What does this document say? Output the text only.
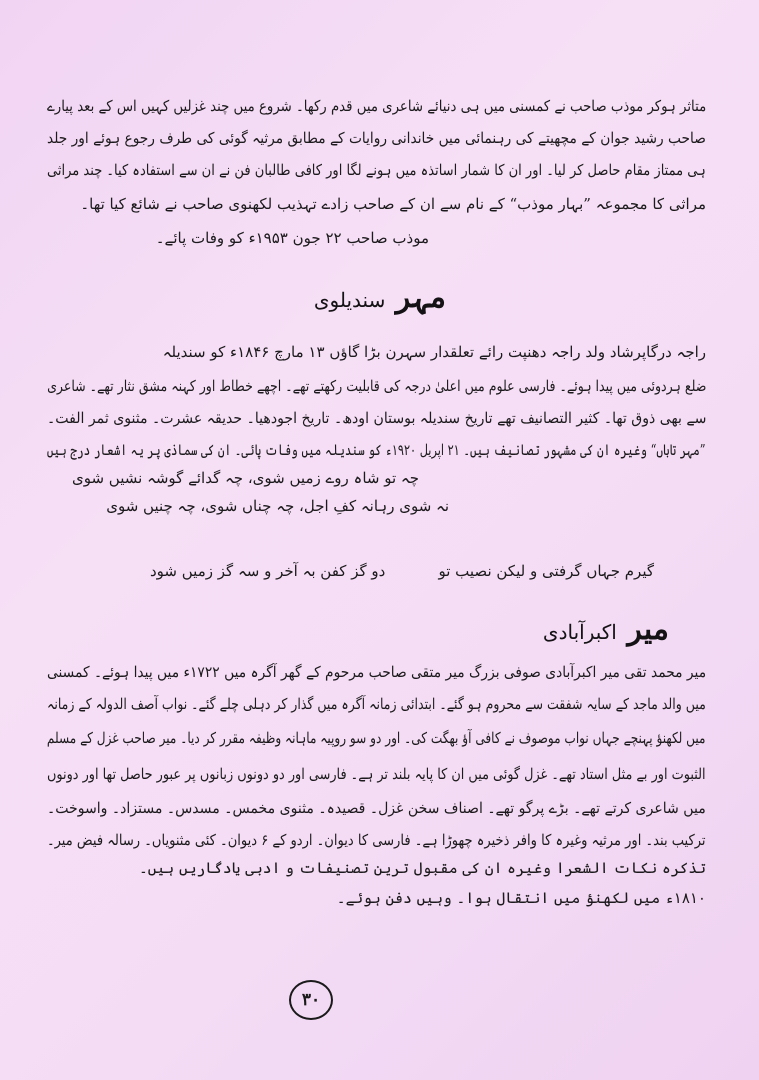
متاثر ہوکر موذب صاحب نے کمسنی میں ہی دنیائے شاعری میں قدم رکھا۔ شروع میں چند غزلیں کہیں اس کے بعد پیارے
صاحب رشید جوان کے مچھیتے کی رہنمائی میں خاندانی روایات کے مطابق مرثیہ گوئی کی طرف رجوع ہوئے اور جلد
ہی ممتاز مقام حاصل کر لیا۔ اور ان کا شمار اساتذہ میں ہونے لگا اور کافی طالبان فن نے ان سے استفادہ کیا۔ چند مراثی
مراثی کا مجموعہ ”بہار موذب“ کے نام سے ان کے صاحب زادے تہذیب لکھنوی صاحب نے شائع کیا تھا۔
موذب صاحب ۲۲ جون ۱۹۵۳ء کو وفات پائے۔
مہر سندیلوی
راجہ درگاپرشاد ولد راجہ دھنپت رائے تعلقدار سہرن بڑا گاؤں ۱۳ مارچ ۱۸۴۶ء کو سندیلہ
ضلع ہردوئی میں پیدا ہوئے۔ فارسی علوم میں اعلیٰ درجہ کی قابلیت رکھتے تھے۔ اچھے خطاط اور کہنہ مشق نثار تھے۔ شاعری
سے بھی ذوق تھا۔ کثیر التصانیف تھے تاریخ سندیلہ بوستان اودھ۔ تاریخ اجودھیا۔ حدیقہ عشرت۔ مثنوی ثمر الفت۔
”مہر تاباں“ وغیرہ ان کی مشہور تصانیف ہیں۔ ۲۱ اپریل ۱۹۲۰ء کو سندیلہ میں وفات پائی۔ ان کی سماذی پر یہ اشعار درج ہیں
چہ تو شاہ روے زمیں شوی، چہ گدائے گوشہ نشیں شوی
نہ شوی رہانہ کفِ اجل، چہ چناں شوی، چہ چنیں شوی
گیرم جہاں گرفتی و لیکن نصیب تو
دو گز کفن بہ آخر و سہ گز زمیں شود
میر اکبرآبادی
میر محمد تقی میر اکبرآبادی صوفی بزرگ میر متقی صاحب مرحوم کے گھر آگرہ میں ۱۷۲۲ء میں پیدا ہوئے۔ کمسنی
میں والد ماجد کے سایہ شفقت سے محروم ہو گئے۔ ابتدائی زمانہ آگرہ میں گذار کر دہلی چلے گئے۔ نواب آصف الدولہ کے زمانہ
میں لکھنؤ پہنچے جہاں نواب موصوف نے کافی آؤ بھگت کی۔ اور دو سو روپیہ ماہانہ وظیفہ مقرر کر دیا۔ میر صاحب غزل کے مسلم
الثبوت اور بے مثل استاد تھے۔ غزل گوئی میں ان کا پایہ بلند تر ہے۔ فارسی اور دو دونوں زبانوں پر عبور حاصل تھا اور دونوں
میں شاعری کرتے تھے۔ بڑے پرگو تھے۔ اصناف سخن غزل۔ قصیدہ۔ مثنوی مخمس۔ مسدس۔ مستزاد۔ واسوخت۔
ترکیب بند۔ اور مرثیہ وغیرہ کا وافر ذخیرہ چھوڑا ہے۔ فارسی کا دیوان۔ اردو کے ۶ دیوان۔ کئی مثنویاں۔ رسالہ فیض میر۔
تذکرہ نکات الشعرا وغیرہ ان کی مقبول ترین تصنیفات و ادبی یادگاریں ہیں۔
۱۸۱۰ء میں لکھنؤ میں انتقال ہوا۔ وہیں دفن ہوئے۔
۳۰
